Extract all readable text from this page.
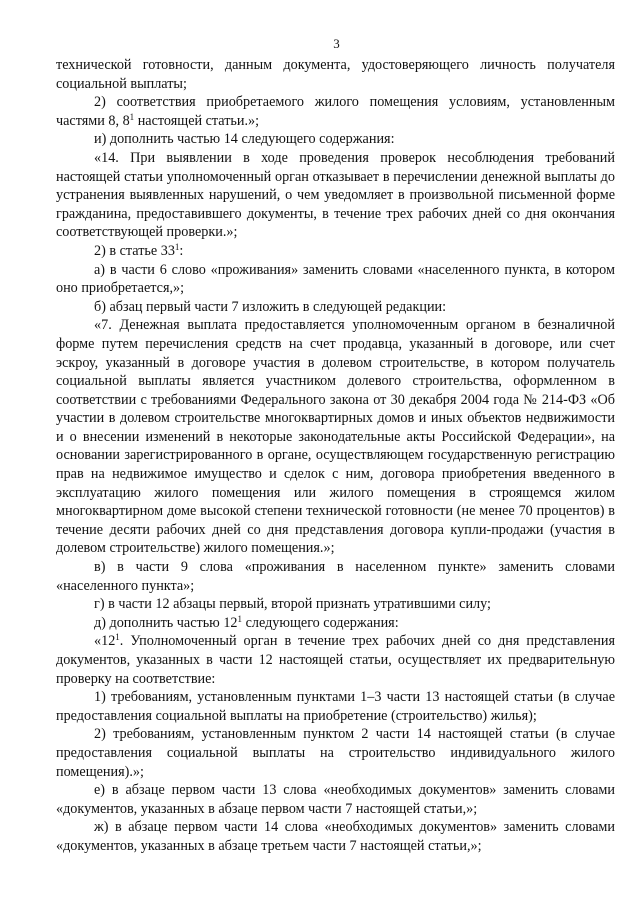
3

технической готовности, данным документа, удостоверяющего личность получателя социальной выплаты;

2) соответствия приобретаемого жилого помещения условиям, установленным частями 8, $8^1$ настоящей статьи.»;

и) дополнить частью 14 следующего содержания:

«14. При выявлении в ходе проведения проверок несоблюдения требований настоящей статьи уполномоченный орган отказывает в перечислении денежной выплаты до устранения выявленных нарушений, о чем уведомляет в произвольной письменной форме гражданина, предоставившего документы, в течение трех рабочих дней со дня окончания соответствующей проверки.»;

2) в статье $33^1$:

а) в части 6 слово «проживания» заменить словами «населенного пункта, в котором оно приобретается,»;

б) абзац первый части 7 изложить в следующей редакции:

«7. Денежная выплата предоставляется уполномоченным органом в безналичной форме путем перечисления средств на счет продавца, указанный в договоре, или счет эскроу, указанный в договоре участия в долевом строительстве, в котором получатель социальной выплаты является участником долевого строительства, оформленном в соответствии с требованиями Федерального закона от 30 декабря 2004 года № 214-ФЗ «Об участии в долевом строительстве многоквартирных домов и иных объектов недвижимости и о внесении изменений в некоторые законодательные акты Российской Федерации», на основании зарегистрированного в органе, осуществляющем государственную регистрацию прав на недвижимое имущество и сделок с ним, договора приобретения введенного в эксплуатацию жилого помещения или жилого помещения в строящемся жилом многоквартирном доме высокой степени технической готовности (не менее 70 процентов) в течение десяти рабочих дней со дня представления договора купли-продажи (участия в долевом строительстве) жилого помещения.»;

в) в части 9 слова «проживания в населенном пункте» заменить словами «населенного пункта»;

г) в части 12 абзацы первый, второй признать утратившими силу;

д) дополнить частью $12^1$ следующего содержания:

«$12^1$. Уполномоченный орган в течение трех рабочих дней со дня представления документов, указанных в части 12 настоящей статьи, осуществляет их предварительную проверку на соответствие:

1) требованиям, установленным пунктами 1–3 части 13 настоящей статьи (в случае предоставления социальной выплаты на приобретение (строительство) жилья);

2) требованиям, установленным пунктом 2 части 14 настоящей статьи (в случае предоставления социальной выплаты на строительство индивидуального жилого помещения).»;

е) в абзаце первом части 13 слова «необходимых документов» заменить словами «документов, указанных в абзаце первом части 7 настоящей статьи,»;

ж) в абзаце первом части 14 слова «необходимых документов» заменить словами «документов, указанных в абзаце третьем части 7 настоящей статьи,»;
